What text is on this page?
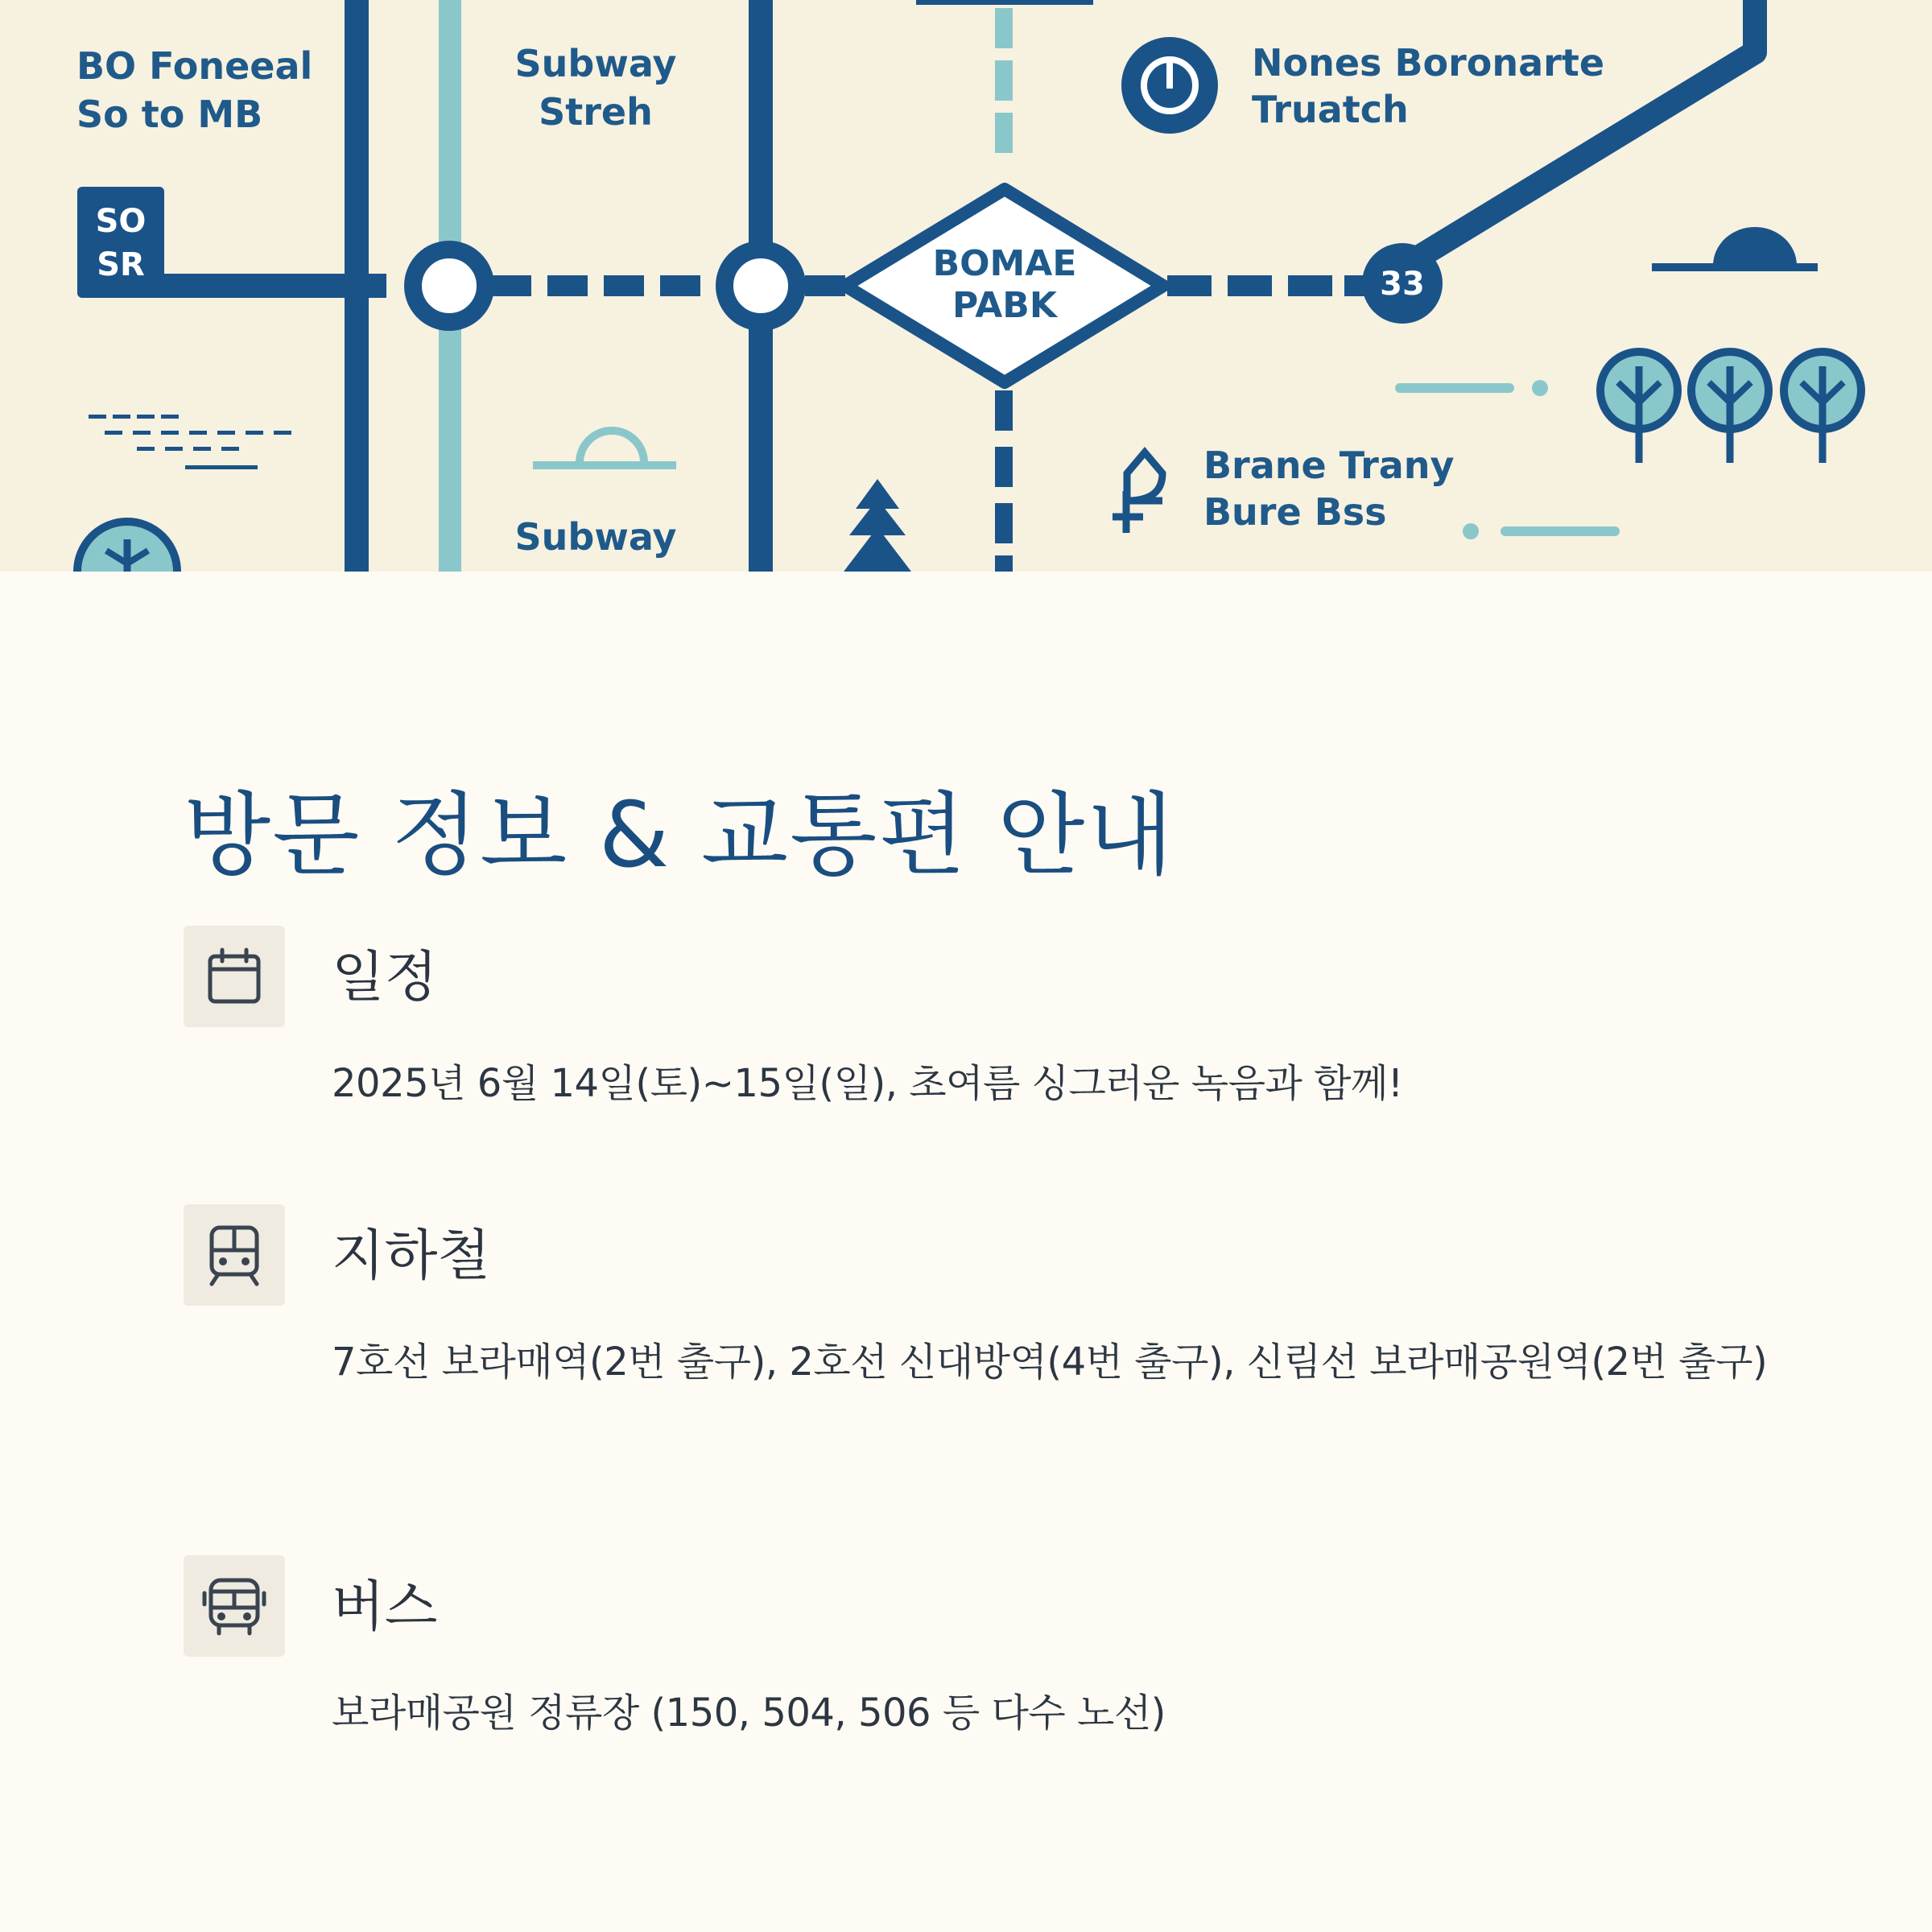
SO
SR	BOMAE
PABK
33
BO Foneeal
So to MB
Subway
Streh
Nones Boronarte
Truatch
Brane Trany
Bure Bss
Subway
방문 정보 & 교통편 안내
일정

2025년 6월 14일(토)~15일(일), 초여름 싱그러운 녹음과 함께!

지하철

7호선 보라매역(2번 출구), 2호선 신대방역(4번 출구), 신림선 보라매공원역(2번 출구)

버스

보라매공원 정류장 (150, 504, 506 등 다수 노선)
